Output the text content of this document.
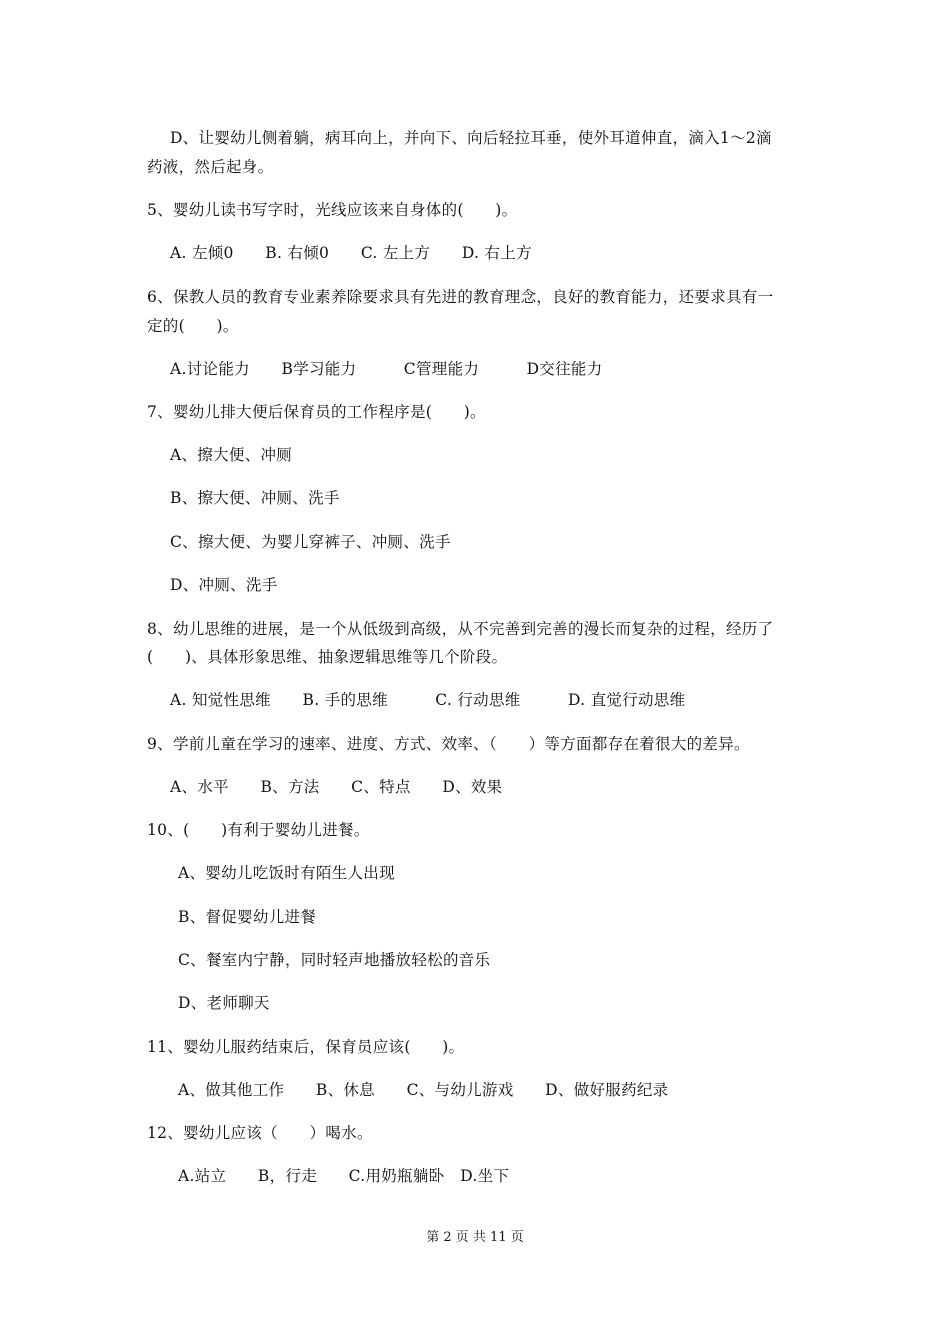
D、让婴幼儿侧着躺，病耳向上，并向下、向后轻拉耳垂，使外耳道伸直，滴入1～2滴
药液，然后起身。
5、婴幼儿读书写字时，光线应该来自身体的(　　)。
A. 左倾0　　B. 右倾0　　C. 左上方　　D. 右上方
6、保教人员的教育专业素养除要求具有先进的教育理念，良好的教育能力，还要求具有一
定的(　　)。
A.讨论能力　　B学习能力　　　C管理能力　　　D交往能力
7、婴幼儿排大便后保育员的工作程序是(　　)。
A、擦大便、冲厕
B、擦大便、冲厕、洗手
C、擦大便、为婴儿穿裤子、冲厕、洗手
D、冲厕、洗手
8、幼儿思维的进展，是一个从低级到高级，从不完善到完善的漫长而复杂的过程，经历了
(　　)、具体形象思维、抽象逻辑思维等几个阶段。
A. 知觉性思维　　B. 手的思维　　　C. 行动思维　　　D. 直觉行动思维
9、学前儿童在学习的速率、进度、方式、效率、（　　）等方面都存在着很大的差异。
A、水平　　B、方法　　C、特点　　D、效果
10、(　　)有利于婴幼儿进餐。
A、婴幼儿吃饭时有陌生人出现
B、督促婴幼儿进餐
C、餐室内宁静，同时轻声地播放轻松的音乐
D、老师聊天
11、婴幼儿服药结束后，保育员应该(　　)。
A、做其他工作　　B、休息　　C、与幼儿游戏　　D、做好服药纪录
12、婴幼儿应该（　　）喝水。
A.站立　　B，行走　　C.用奶瓶躺卧　D.坐下
第 2 页 共 11 页
